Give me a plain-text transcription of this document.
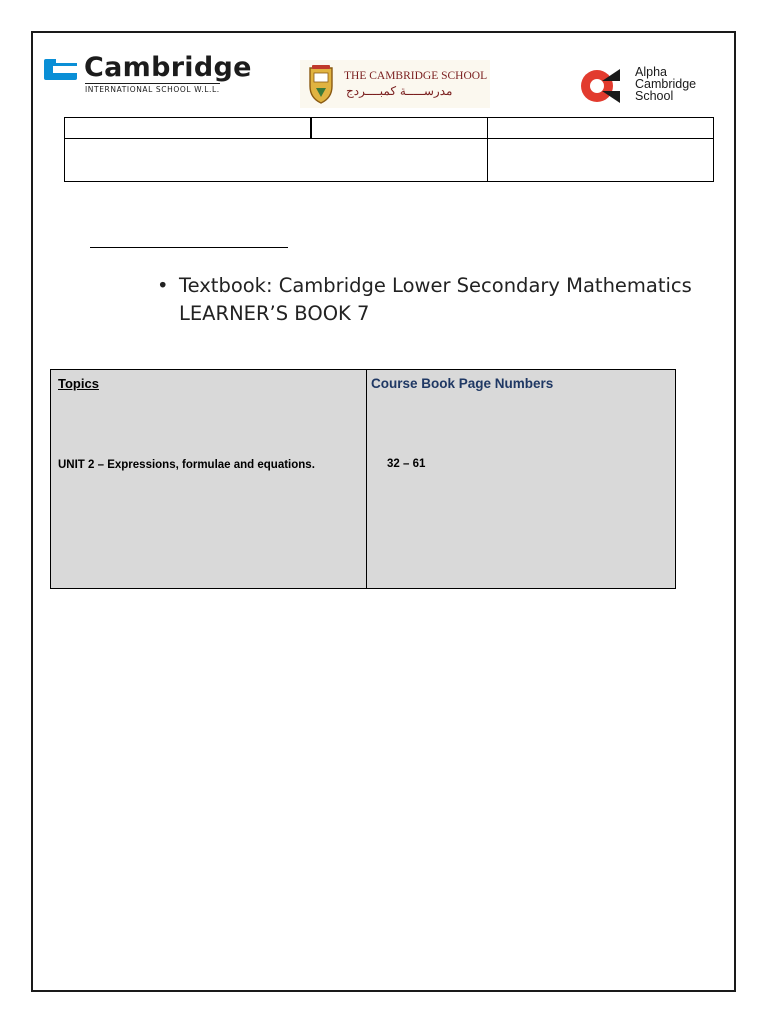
Cambridge
INTERNATIONAL SCHOOL W.L.L.
THE CAMBRIDGE SCHOOL
مدرســـــة كمبــــردج
Alpha
Cambridge
School
• Textbook: Cambridge Lower Secondary Mathematics
LEARNER’S BOOK 7
Topics	Course Book Page Numbers
UNIT 2 – Expressions, formulae and equations.	32 – 61
